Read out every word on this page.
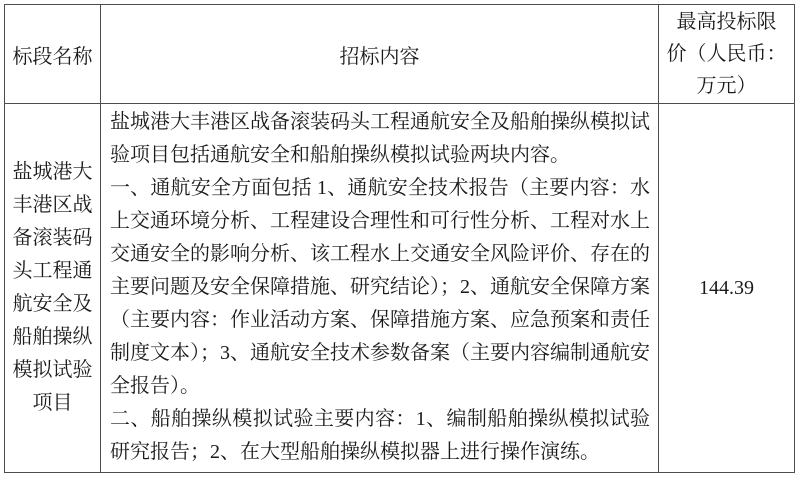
标段名称	招标内容	最高投标限
价（人民币：
万元）

盐城港大丰港区战备滚装码头工程通航安全及船舶操纵模拟试验项目	盐城港大丰港区战备滚装码头工程通航安全及船舶操纵模拟试验项目包括通航安全和船舶操纵模拟试验两块内容。

一、通航安全方面包括 1、通航安全技术报告（主要内容：水上交通环境分析、工程建设合理性和可行性分析、工程对水上交通安全的影响分析、该工程水上交通安全风险评价、存在的主要问题及安全保障措施、研究结论）；2、通航安全保障方案（主要内容：作业活动方案、保障措施方案、应急预案和责任制度文本）；3、通航安全技术参数备案（主要内容编制通航安全报告）。

二、船舶操纵模拟试验主要内容：1、编制船舶操纵模拟试验研究报告；2、在大型船舶操纵模拟器上进行操作演练。	144.39
